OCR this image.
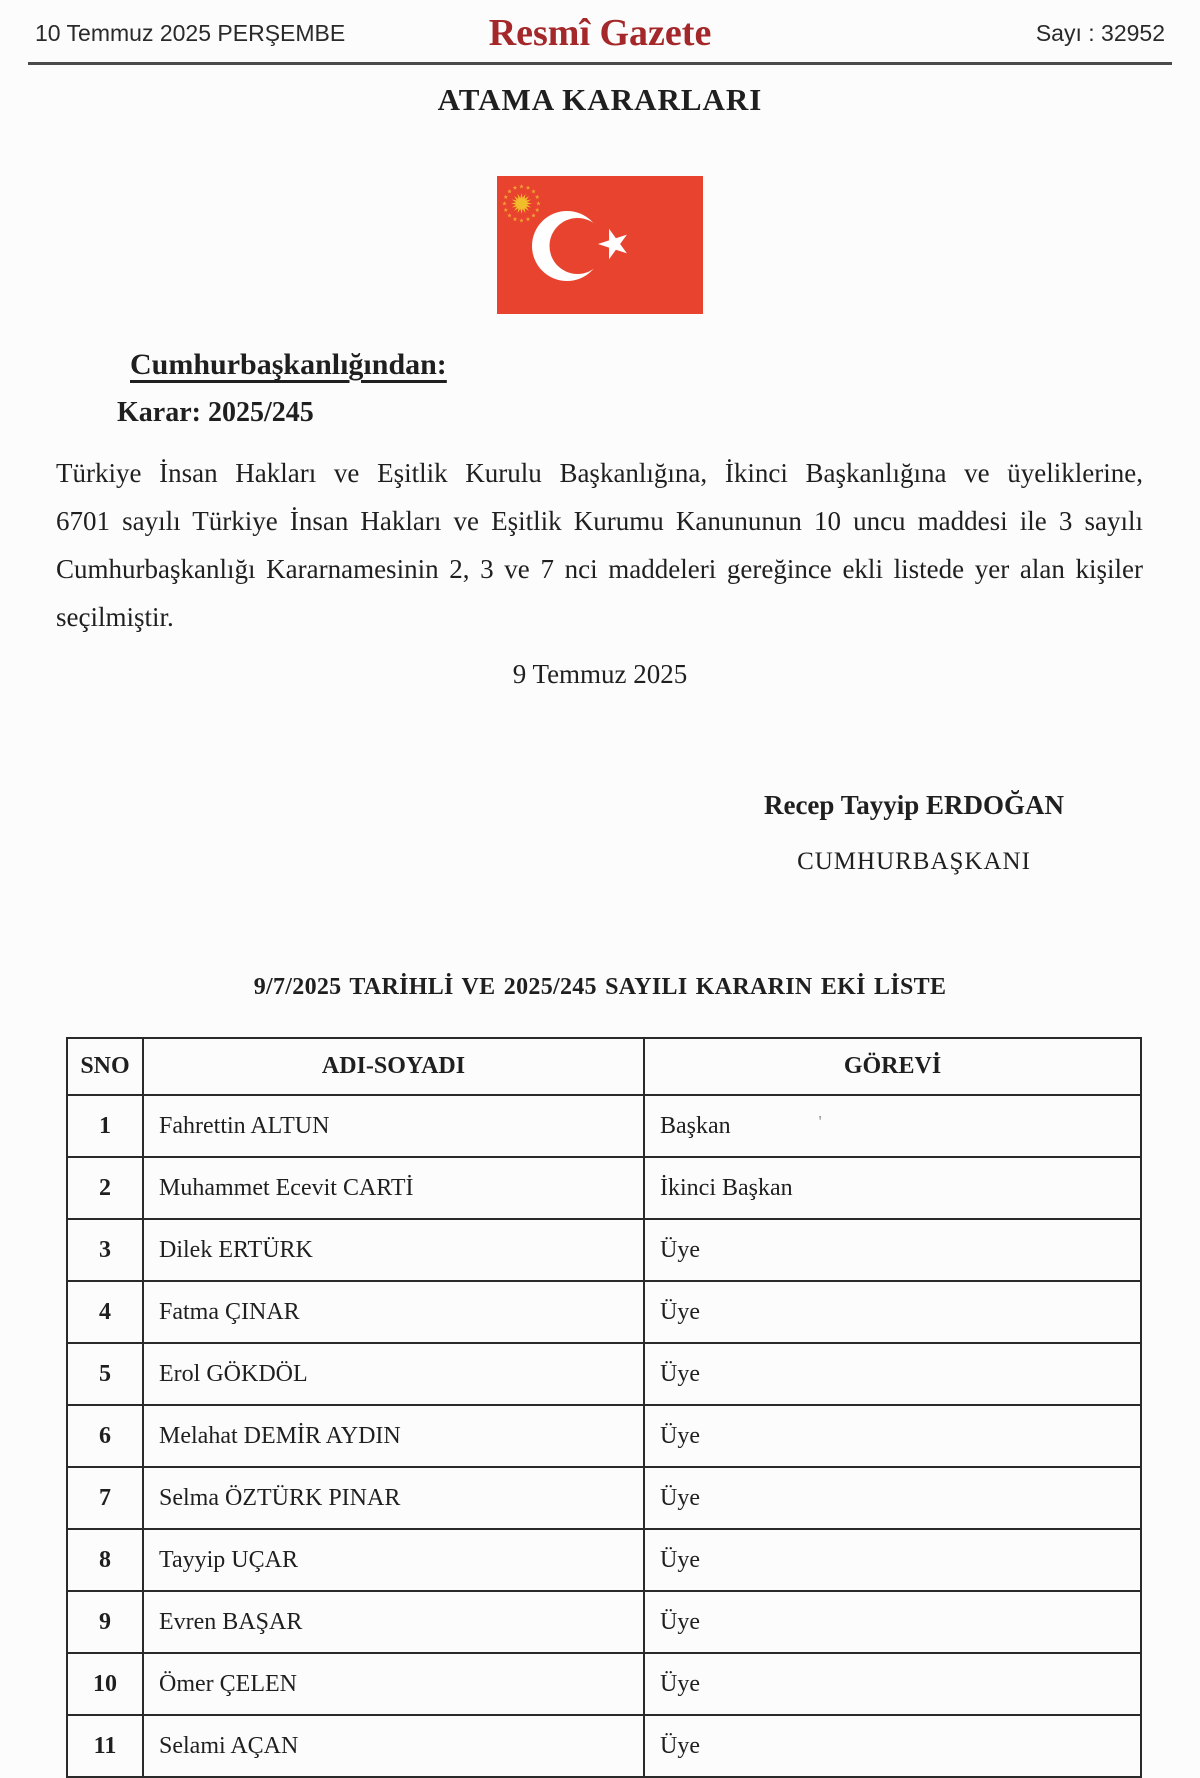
10 Temmuz 2025 PERŞEMBE	Resmî Gazete	Sayı : 32952
ATAMA KARARLARI
Cumhurbaşkanlığından:
Karar: 2025/245
Türkiye İnsan Hakları ve Eşitlik Kurulu Başkanlığına, İkinci Başkanlığına ve üyeliklerine,
6701 sayılı Türkiye İnsan Hakları ve Eşitlik Kurumu Kanununun 10 uncu maddesi ile 3 sayılı
Cumhurbaşkanlığı Kararnamesinin 2, 3 ve 7 nci maddeleri gereğince ekli listede yer alan kişiler
seçilmiştir.
9 Temmuz 2025
Recep Tayyip ERDOĞAN
CUMHURBAŞKANI
9/7/2025 TARİHLİ VE 2025/245 SAYILI KARARIN EKİ LİSTE
SNO	ADI-SOYADI	GÖREVİ
1	Fahrettin ALTUN	Başkan '
2	Muhammet Ecevit CARTİ	İkinci Başkan
3	Dilek ERTÜRK	Üye
4	Fatma ÇINAR	Üye
5	Erol GÖKDÖL	Üye
6	Melahat DEMİR AYDIN	Üye
7	Selma ÖZTÜRK PINAR	Üye
8	Tayyip UÇAR	Üye
9	Evren BAŞAR	Üye
10	Ömer ÇELEN	Üye
11	Selami AÇAN	Üye
